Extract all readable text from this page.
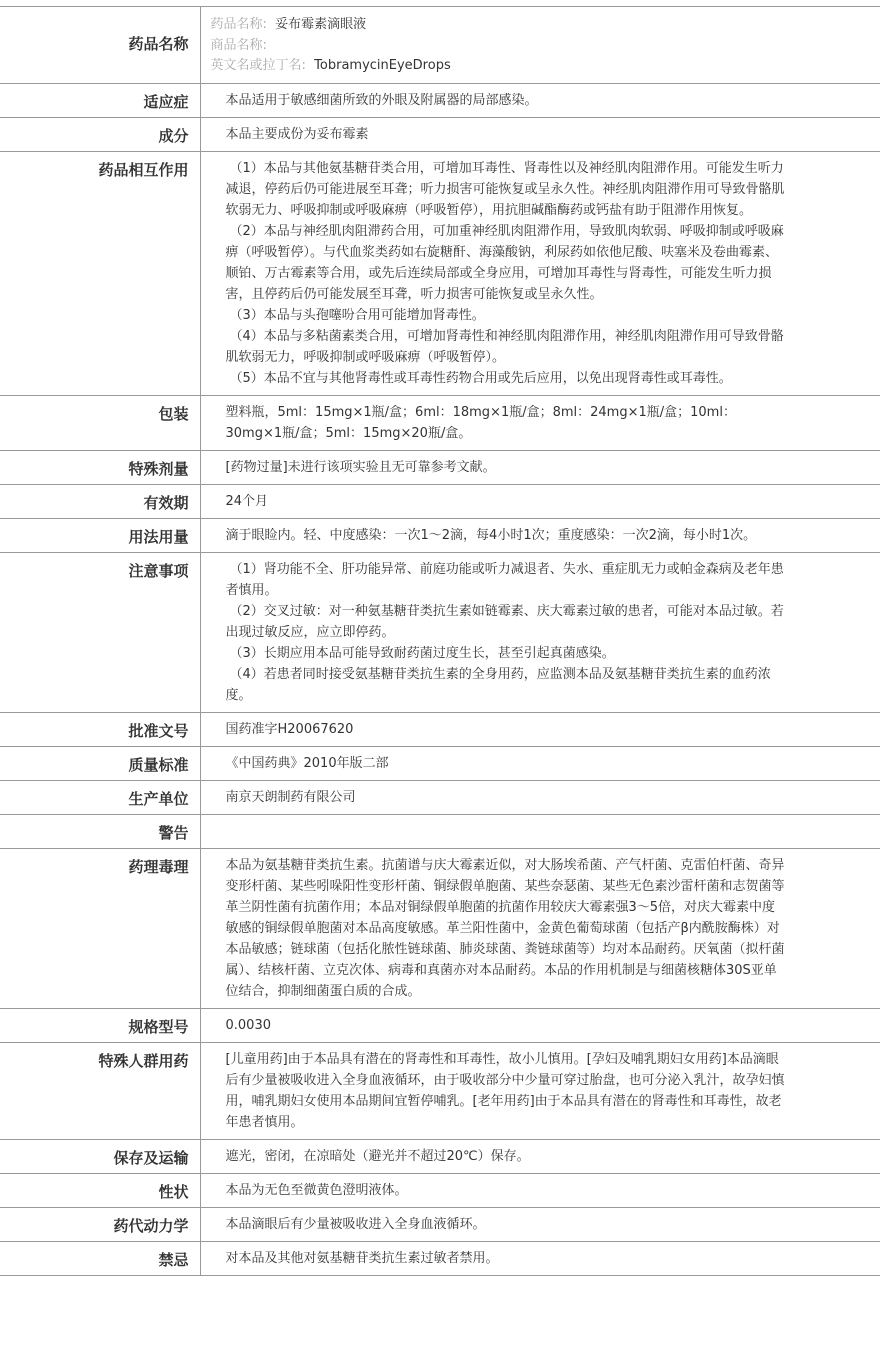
药品名称	药品名称: 妥布霉素滴眼液
商品名称:
英文名或拉丁名: TobramycinEyeDrops

适应症	本品适用于敏感细菌所致的外眼及附属器的局部感染。
成分	本品主要成份为妥布霉素
药品相互作用	（1）本品与其他氨基糖苷类合用，可增加耳毒性、肾毒性以及神经肌肉阻滞作用。可能发生听力减退，停药后仍可能进展至耳聋；听力损害可能恢复或呈永久性。神经肌肉阻滞作用可导致骨骼肌软弱无力、呼吸抑制或呼吸麻痹（呼吸暂停），用抗胆碱酯酶药或钙盐有助于阻滞作用恢复。
（2）本品与神经肌肉阻滞药合用，可加重神经肌肉阻滞作用，导致肌肉软弱、呼吸抑制或呼吸麻痹（呼吸暂停）。与代血浆类药如右旋糖酐、海藻酸钠，利尿药如依他尼酸、呋塞米及卷曲霉素、顺铂、万古霉素等合用，或先后连续局部或全身应用，可增加耳毒性与肾毒性，可能发生听力损害，且停药后仍可能发展至耳聋，听力损害可能恢复或呈永久性。
（3）本品与头孢噻吩合用可能增加肾毒性。
（4）本品与多粘菌素类合用，可增加肾毒性和神经肌肉阻滞作用，神经肌肉阻滞作用可导致骨骼肌软弱无力，呼吸抑制或呼吸麻痹（呼吸暂停）。
（5）本品不宜与其他肾毒性或耳毒性药物合用或先后应用，以免出现肾毒性或耳毒性。

包装	塑料瓶，5ml：15mg×1瓶/盒；6ml：18mg×1瓶/盒；8ml：24mg×1瓶/盒；10ml：30mg×1瓶/盒；5ml：15mg×20瓶/盒。
特殊剂量	[药物过量]未进行该项实验且无可靠参考文献。
有效期	24个月
用法用量	滴于眼睑内。轻、中度感染：一次1～2滴，每4小时1次；重度感染：一次2滴，每小时1次。
注意事项	（1）肾功能不全、肝功能异常、前庭功能或听力减退者、失水、重症肌无力或帕金森病及老年患者慎用。
（2）交叉过敏：对一种氨基糖苷类抗生素如链霉素、庆大霉素过敏的患者，可能对本品过敏。若出现过敏反应，应立即停药。
（3）长期应用本品可能导致耐药菌过度生长，甚至引起真菌感染。
（4）若患者同时接受氨基糖苷类抗生素的全身用药，应监测本品及氨基糖苷类抗生素的血药浓度。

批准文号	国药准字H20067620
质量标准	《中国药典》2010年版二部
生产单位	南京天朗制药有限公司
警告	
药理毒理	本品为氨基糖苷类抗生素。抗菌谱与庆大霉素近似，对大肠埃希菌、产气杆菌、克雷伯杆菌、奇异变形杆菌、某些吲哚阳性变形杆菌、铜绿假单胞菌、某些奈瑟菌、某些无色素沙雷杆菌和志贺菌等革兰阴性菌有抗菌作用；本品对铜绿假单胞菌的抗菌作用较庆大霉素强3～5倍，对庆大霉素中度敏感的铜绿假单胞菌对本品高度敏感。革兰阳性菌中，金黄色葡萄球菌（包括产β内酰胺酶株）对本品敏感；链球菌（包括化脓性链球菌、肺炎球菌、粪链球菌等）均对本品耐药。厌氧菌（拟杆菌属）、结核杆菌、立克次体、病毒和真菌亦对本品耐药。本品的作用机制是与细菌核糖体30S亚单位结合，抑制细菌蛋白质的合成。
规格型号	0.0030
特殊人群用药	[儿童用药]由于本品具有潜在的肾毒性和耳毒性，故小儿慎用。[孕妇及哺乳期妇女用药]本品滴眼后有少量被吸收进入全身血液循环，由于吸收部分中少量可穿过胎盘，也可分泌入乳汁，故孕妇慎用，哺乳期妇女使用本品期间宜暂停哺乳。[老年用药]由于本品具有潜在的肾毒性和耳毒性，故老年患者慎用。
保存及运输	遮光，密闭，在凉暗处（避光并不超过20℃）保存。
性状	本品为无色至微黄色澄明液体。
药代动力学	本品滴眼后有少量被吸收进入全身血液循环。
禁忌	对本品及其他对氨基糖苷类抗生素过敏者禁用。
